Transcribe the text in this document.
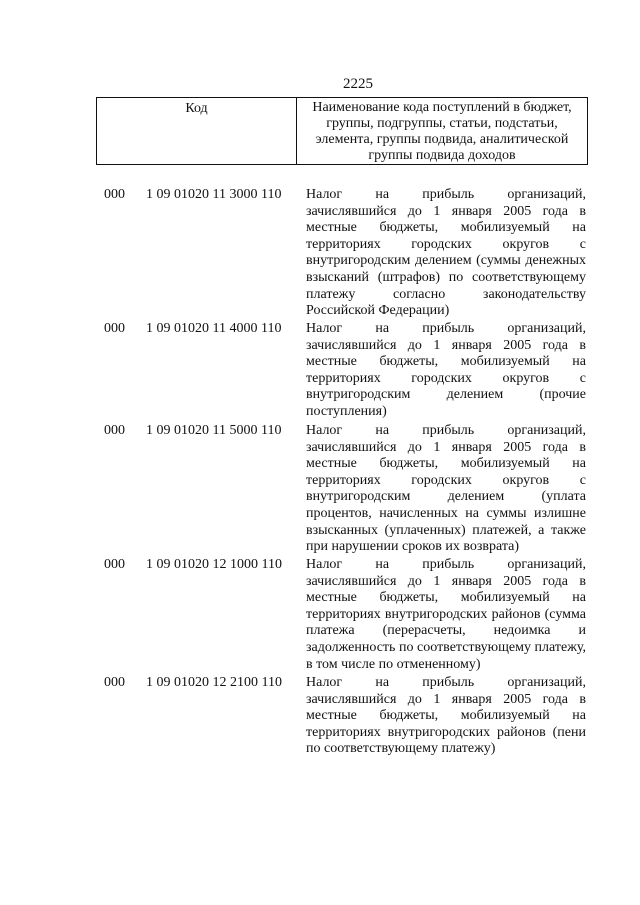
2225
Код	Наименование кода поступлений в бюджет, группы, подгруппы, статьи, подстатьи, элемента, группы подвида, аналитической группы подвида доходов
000 1 09 01020 11 3000 110 Налог на прибыль организаций, зачислявшийся до 1 января 2005 года в местные бюджеты, мобилизуемый на территориях городских округов с внутригородским делением (суммы денежных взысканий (штрафов) по соответствующему платежу согласно законодательству Российской Федерации)
000 1 09 01020 11 4000 110 Налог на прибыль организаций, зачислявшийся до 1 января 2005 года в местные бюджеты, мобилизуемый на территориях городских округов с внутригородским делением (прочие поступления)
000 1 09 01020 11 5000 110 Налог на прибыль организаций, зачислявшийся до 1 января 2005 года в местные бюджеты, мобилизуемый на территориях городских округов с внутригородским делением (уплата процентов, начисленных на суммы излишне взысканных (уплаченных) платежей, а также при нарушении сроков их возврата)
000 1 09 01020 12 1000 110 Налог на прибыль организаций, зачислявшийся до 1 января 2005 года в местные бюджеты, мобилизуемый на территориях внутригородских районов (сумма платежа (перерасчеты, недоимка и задолженность по соответствующему платежу, в том числе по отмененному)
000 1 09 01020 12 2100 110 Налог на прибыль организаций, зачислявшийся до 1 января 2005 года в местные бюджеты, мобилизуемый на территориях внутригородских районов (пени по соответствующему платежу)
